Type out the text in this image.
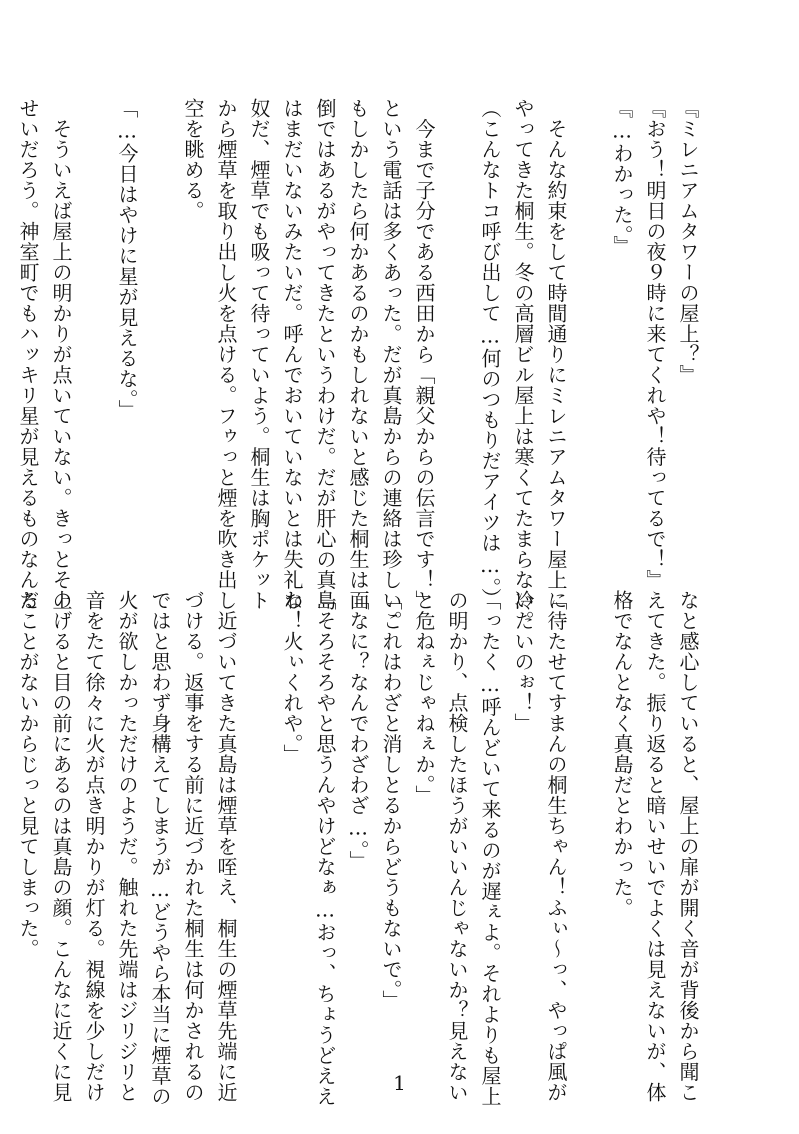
『ミレニアムタワーの屋上？』
『おう！明日の夜９時に来てくれや！待ってるで！』
『…わかった。』
　そんな約束をして時間通りにミレニアムタワー屋上に
やってきた桐生。冬の高層ビル屋上は寒くてたまらない。
（こんなトコ呼び出して…何のつもりだアイツは…。）
　今まで子分である西田から「親父からの伝言です！」
という電話は多くあった。だが真島からの連絡は珍しい。
もしかしたら何かあるのかもしれないと感じた桐生は面
倒ではあるがやってきたというわけだ。だが肝心の真島
はまだいないみたいだ。呼んでおいていないとは失礼な
奴だ、煙草でも吸って待っていよう。桐生は胸ポケット
から煙草を取り出し火を点ける。フゥっと煙を吹き出し
空を眺める。
「…今日はやけに星が見えるな。」
　そういえば屋上の明かりが点いていない。きっとその
せいだろう。神室町でもハッキリ星が見えるものなんだ
なと感心していると、屋上の扉が開く音が背後から聞こ
えてきた。振り返ると暗いせいでよくは見えないが、体
格でなんとなく真島だとわかった。
「待たせてすまんの桐生ちゃん！ふぃ〜っ、やっぱ風が
冷たいのぉ！」
「ったく…呼んどいて来るのが遅ぇよ。それよりも屋上
の明かり、点検したほうがいいんじゃないか？見えない
と危ねぇじゃねぇか。」
「これはわざと消しとるからどうもないで。」
「なに？なんでわざわざ…。」
「そろそろやと思うんやけどなぁ…おっ、ちょうどええ
わ！火ぃくれや。」
　近づいてきた真島は煙草を咥え、桐生の煙草先端に近
づける。返事をする前に近づかれた桐生は何かされるの
ではと思わず身構えてしまうが…どうやら本当に煙草の
火が欲しかっただけのようだ。触れた先端はジリジリと
音をたて徐々に火が点き明かりが灯る。視線を少しだけ
上げると目の前にあるのは真島の顔。こんなに近くに見
ることがないからじっと見てしまった。
1
